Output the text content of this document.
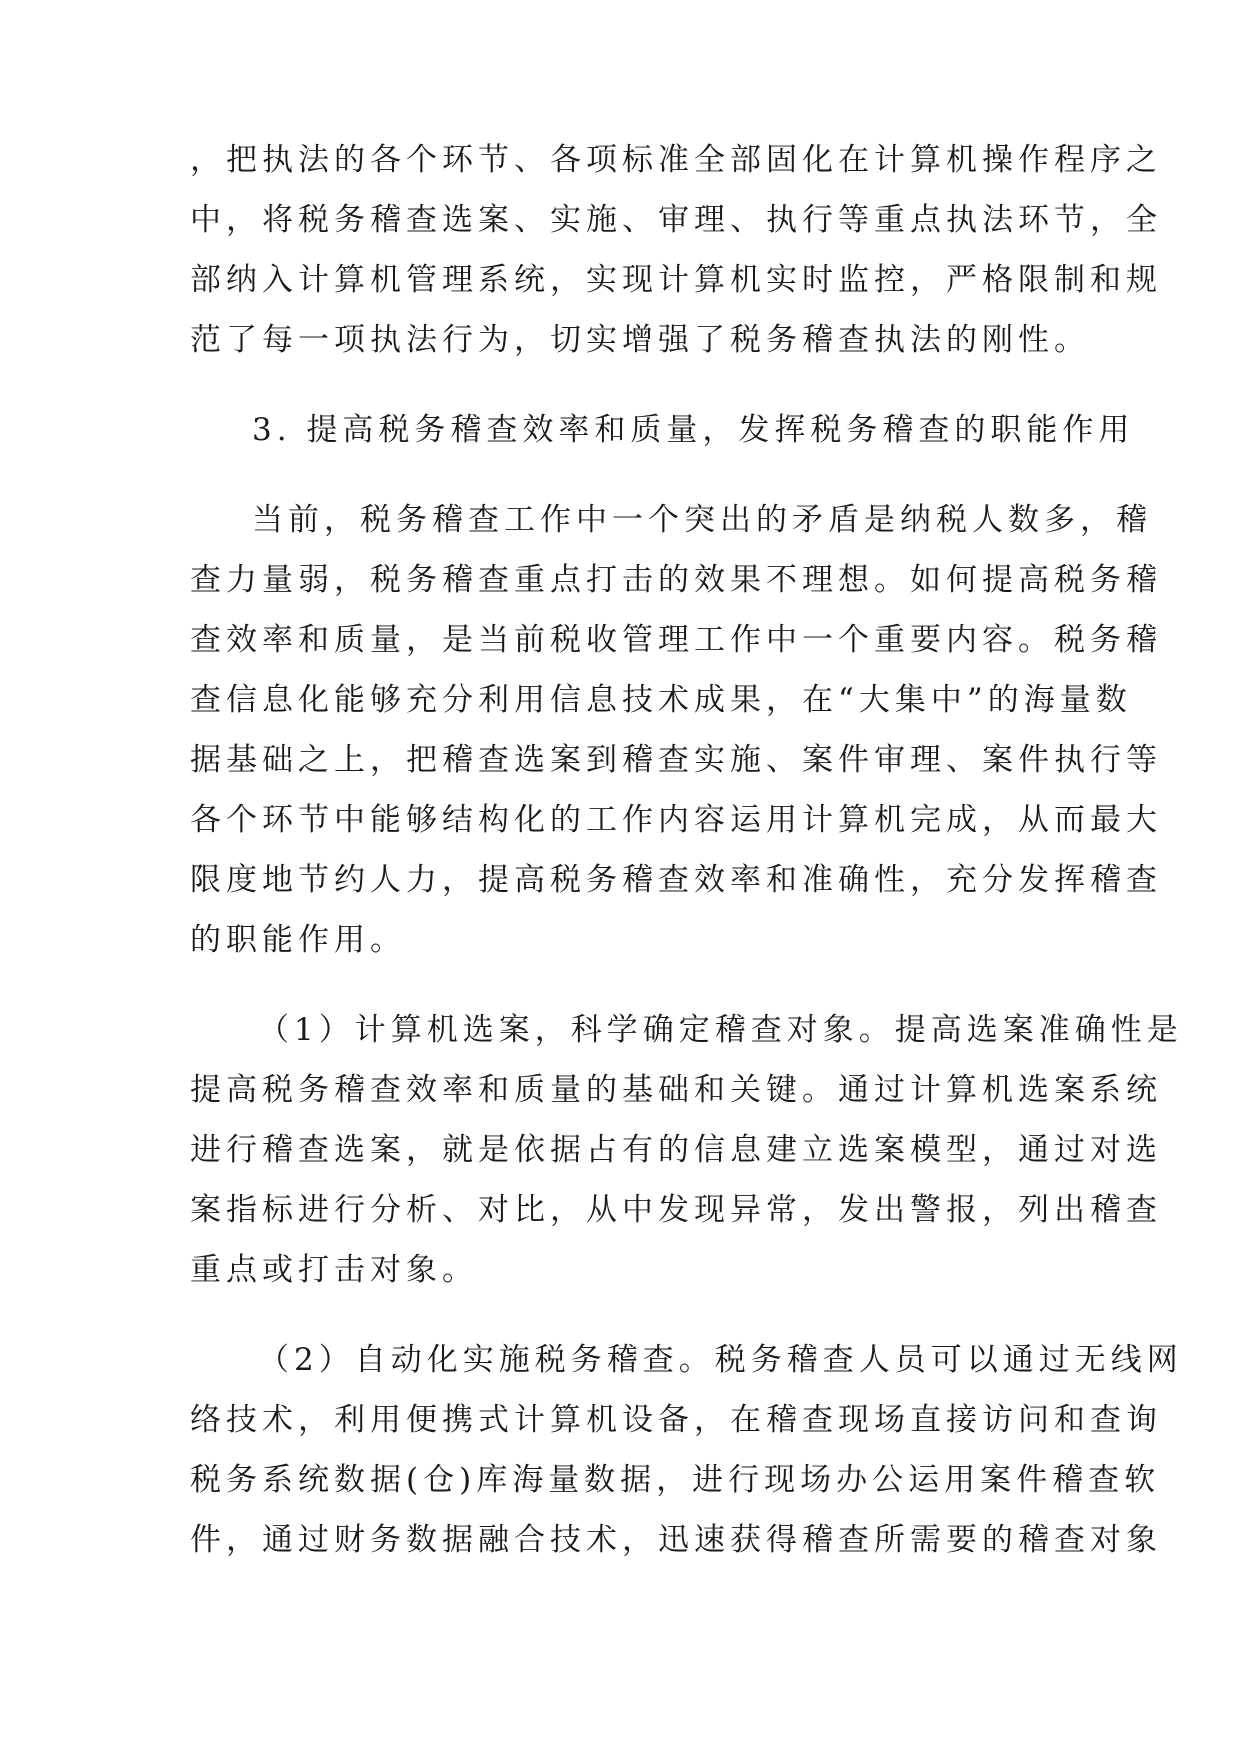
，把执法的各个环节、各项标准全部固化在计算机操作程序之
中，将税务稽查选案、实施、审理、执行等重点执法环节，全
部纳入计算机管理系统，实现计算机实时监控，严格限制和规
范了每一项执法行为，切实增强了税务稽查执法的刚性。
3. 提高税务稽查效率和质量，发挥税务稽查的职能作用
当前，税务稽查工作中一个突出的矛盾是纳税人数多，稽
查力量弱，税务稽查重点打击的效果不理想。如何提高税务稽
查效率和质量，是当前税收管理工作中一个重要内容。税务稽
查信息化能够充分利用信息技术成果，在“大集中”的海量数
据基础之上，把稽查选案到稽查实施、案件审理、案件执行等
各个环节中能够结构化的工作内容运用计算机完成，从而最大
限度地节约人力，提高税务稽查效率和准确性，充分发挥稽查
的职能作用。
（1）计算机选案，科学确定稽查对象。提高选案准确性是
提高税务稽查效率和质量的基础和关键。通过计算机选案系统
进行稽查选案，就是依据占有的信息建立选案模型，通过对选
案指标进行分析、对比，从中发现异常，发出警报，列出稽查
重点或打击对象。
（2）自动化实施税务稽查。税务稽查人员可以通过无线网
络技术，利用便携式计算机设备，在稽查现场直接访问和查询
税务系统数据(仓)库海量数据，进行现场办公运用案件稽查软
件，通过财务数据融合技术，迅速获得稽查所需要的稽查对象
